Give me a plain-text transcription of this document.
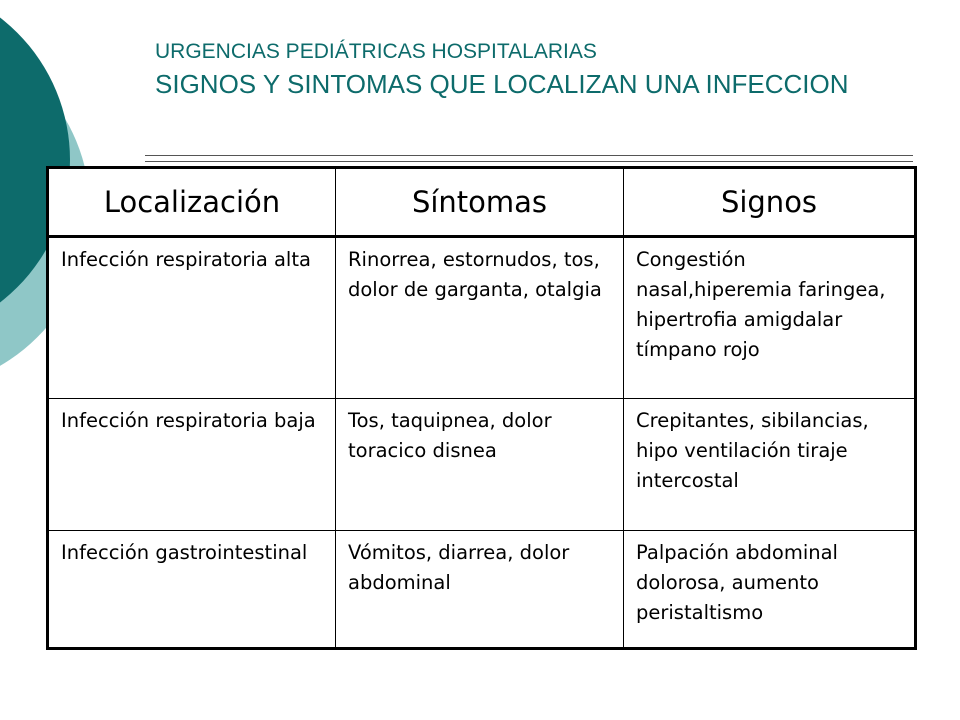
URGENCIAS PEDIÁTRICAS HOSPITALARIAS
SIGNOS Y SINTOMAS QUE LOCALIZAN UNA INFECCION
Localización	Síntomas	Signos
Infección respiratoria alta	Rinorrea, estornudos, tos, dolor de garganta, otalgia	Congestión nasal,hiperemia faringea, hipertrofia amigdalar tímpano rojo
Infección respiratoria baja	Tos, taquipnea, dolor toracico disnea	Crepitantes, sibilancias, hipo ventilación tiraje intercostal
Infección gastrointestinal	Vómitos, diarrea, dolor abdominal	Palpación abdominal dolorosa, aumento peristaltismo
